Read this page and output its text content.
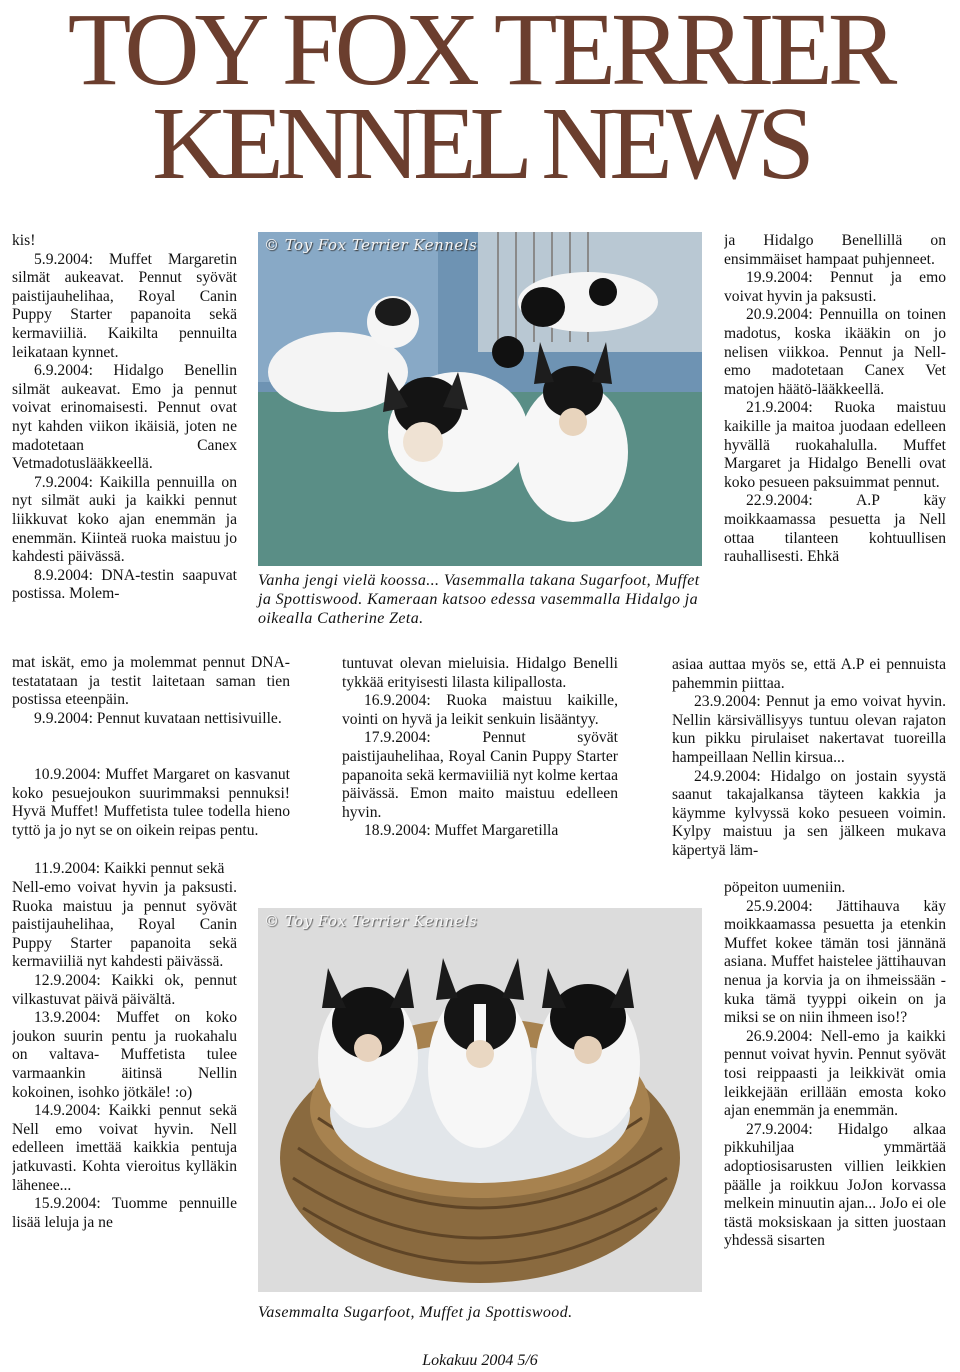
TOY FOX TERRIER
KENNEL NEWS

kis!

5.9.2004: Muffet Margaretin silmät aukeavat. Pennut syövät paistijauhelihaa, Royal Canin Puppy Starter papanoita sekä kermaviiliä. Kaikilta pennuilta leikataan kynnet.

6.9.2004: Hidalgo Benellin silmät aukeavat. Emo ja pennut voivat erinomaisesti. Pennut ovat nyt kahden viikon ikäisiä, joten ne madotetaan Canex Vetmadotuslääkkeellä.

7.9.2004: Kaikilla pennuilla on nyt silmät auki ja kaikki pennut liikkuvat koko ajan enemmän ja enemmän. Kiinteä ruoka maistuu jo kahdesti päivässä.

8.9.2004: DNA-testin saapuvat postissa. Molem-

mat iskät, emo ja molemmat pennut DNA-testatataan ja testit laitetaan saman tien postissa eteenpäin.

9.9.2004: Pennut kuvataan nettisivuille.

10.9.2004: Muffet Margaret on kasvanut koko pesuejoukon suurimmaksi pennuksi! Hyvä Muffet! Muffetista tulee todella hieno tyttö ja jo nyt se on oikein reipas pentu.

11.9.2004: Kaikki pennut sekä

Nell-emo voivat hyvin ja paksusti. Ruoka maistuu ja pennut syövät paistijauhelihaa, Royal Canin Puppy Starter papanoita sekä kermaviiliä nyt kahdesti päivässä.

12.9.2004: Kaikki ok, pennut vilkastuvat päivä päivältä.

13.9.2004: Muffet on koko joukon suurin pentu ja ruokahalu on valtava- Muffetista tulee varmaankin äitinsä Nellin kokoinen, isohko jötkäle! :o)

14.9.2004: Kaikki pennut sekä Nell emo voivat hyvin. Nell edelleen imettää kaikkia pentuja jatkuvasti. Kohta vieroitus kylläkin lähenee...

15.9.2004: Tuomme pennuille lisää leluja ja ne

© Toy Fox Terrier Kennels
Vanha jengi vielä koossa... Vasemmalla takana Sugarfoot, Muffet ja Spottiswood. Kameraan katsoo edessa vasemmalla Hidalgo ja oikealla Catherine Zeta.

tuntuvat olevan mieluisia. Hidalgo Benelli tykkää erityisesti lilasta kilipallosta.

16.9.2004: Ruoka maistuu kaikille, vointi on hyvä ja leikit senkuin lisääntyy.

17.9.2004: Pennut syövät paistijauhelihaa, Royal Canin Puppy Starter papanoita sekä kermaviiliä nyt kolme kertaa päivässä. Emon maito maistuu edelleen hyvin.

18.9.2004: Muffet Margaretilla

© Toy Fox Terrier Kennels
Vasemmalta Sugarfoot, Muffet ja Spottiswood.

ja Hidalgo Benellillä on ensimmäiset hampaat puhjenneet.

19.9.2004: Pennut ja emo voivat hyvin ja paksusti.

20.9.2004: Pennuilla on toinen madotus, koska ikääkin on jo nelisen viikkoa. Pennut ja Nell-emo madotetaan Canex Vet matojen häätö-lääkkeellä.

21.9.2004: Ruoka maistuu kaikille ja maitoa juodaan edelleen hyvällä ruokahalulla. Muffet Margaret ja Hidalgo Benelli ovat koko pesueen paksuimmat pennut.

22.9.2004: A.P käy moikkaamassa pesuetta ja Nell ottaa tilanteen kohtuullisen rauhallisesti. Ehkä

asiaa auttaa myös se, että A.P ei pennuista pahemmin piittaa.

23.9.2004: Pennut ja emo voivat hyvin. Nellin kärsivällisyys tuntuu olevan rajaton kun pikku pirulaiset nakertavat tuoreilla hampeillaan Nellin kirsua...

24.9.2004: Hidalgo on jostain syystä saanut takajalkansa täyteen kakkia ja käymme kylvyssä koko pesueen voimin. Kylpy maistuu ja sen jälkeen mukava käpertyä läm-

pöpeiton uumeniin.

25.9.2004: Jättihauva käy moikkaamassa pesuetta ja etenkin Muffet kokee tämän tosi jännänä asiana. Muffet haistelee jättihauvan nenua ja korvia ja on ihmeissään - kuka tämä tyyppi oikein on ja miksi se on niin ihmeen iso!?

26.9.2004: Nell-emo ja kaikki pennut voivat hyvin. Pennut syövät tosi reippaasti ja leikkivät omia leikkejään erillään emosta koko ajan enemmän ja enemmän.

27.9.2004: Hidalgo alkaa pikkuhiljaa ymmärtää adoptiosisarusten villien leikkien päälle ja roikkuu JoJon korvassa melkein minuutin ajan... JoJo ei ole tästä moksiskaan ja sitten juostaan yhdessä sisarten

Lokakuu 2004 5/6
